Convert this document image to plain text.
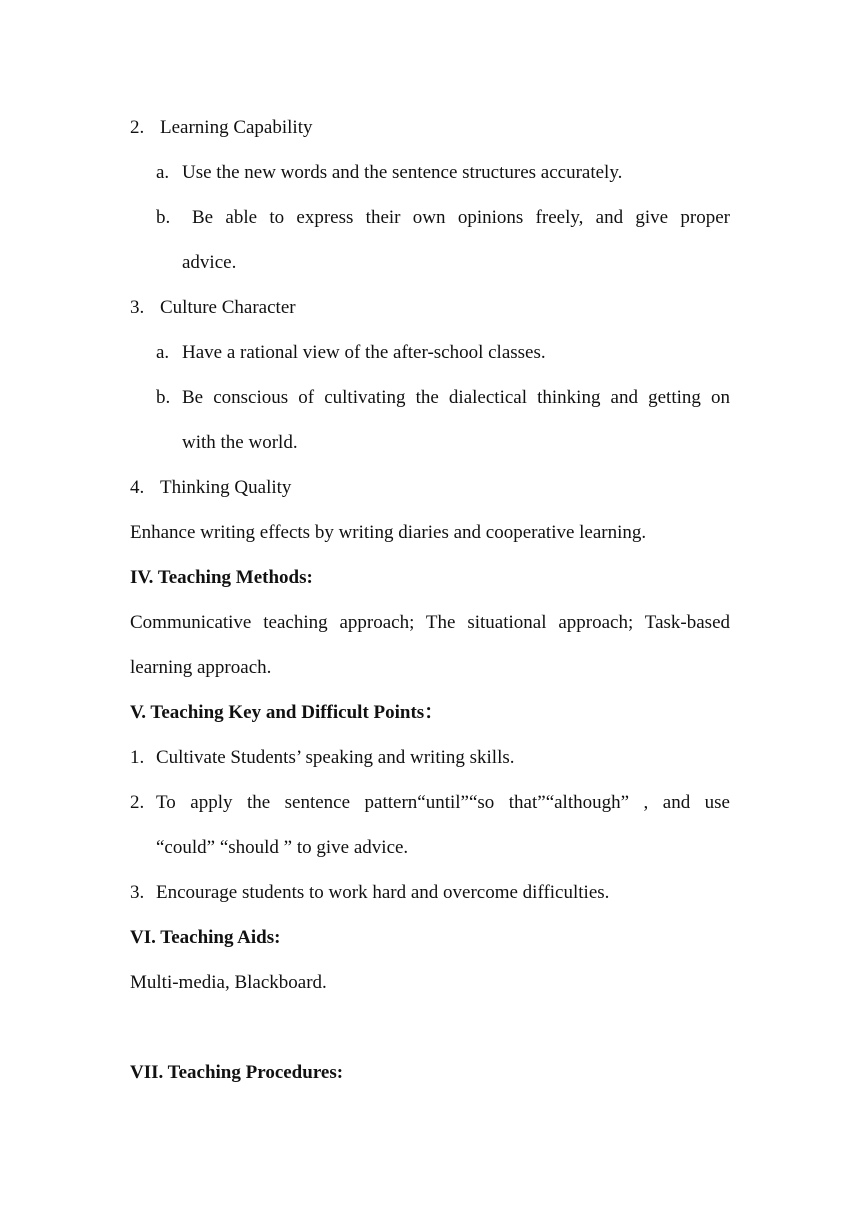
2. Learning Capability
a. Use the new words and the sentence structures accurately.
b.	Be able to express their own opinions freely, and give proper
advice.
3. Culture Character
a. Have a rational view of the after-school classes.
b. Be conscious of cultivating the dialectical thinking and getting on
with the world.
4. Thinking Quality
Enhance writing effects by writing diaries and cooperative learning.
IV. Teaching Methods:
Communicative teaching approach; The situational approach; Task-based
learning approach.
V. Teaching Key and Difficult Points：
1. Cultivate Students’ speaking and writing skills.
2. To apply the sentence pattern“until”“so that”“although” , and use
“could” “should ” to give advice.
3. Encourage students to work hard and overcome difficulties.
VI. Teaching Aids:
Multi-media, Blackboard.
VII. Teaching Procedures:
